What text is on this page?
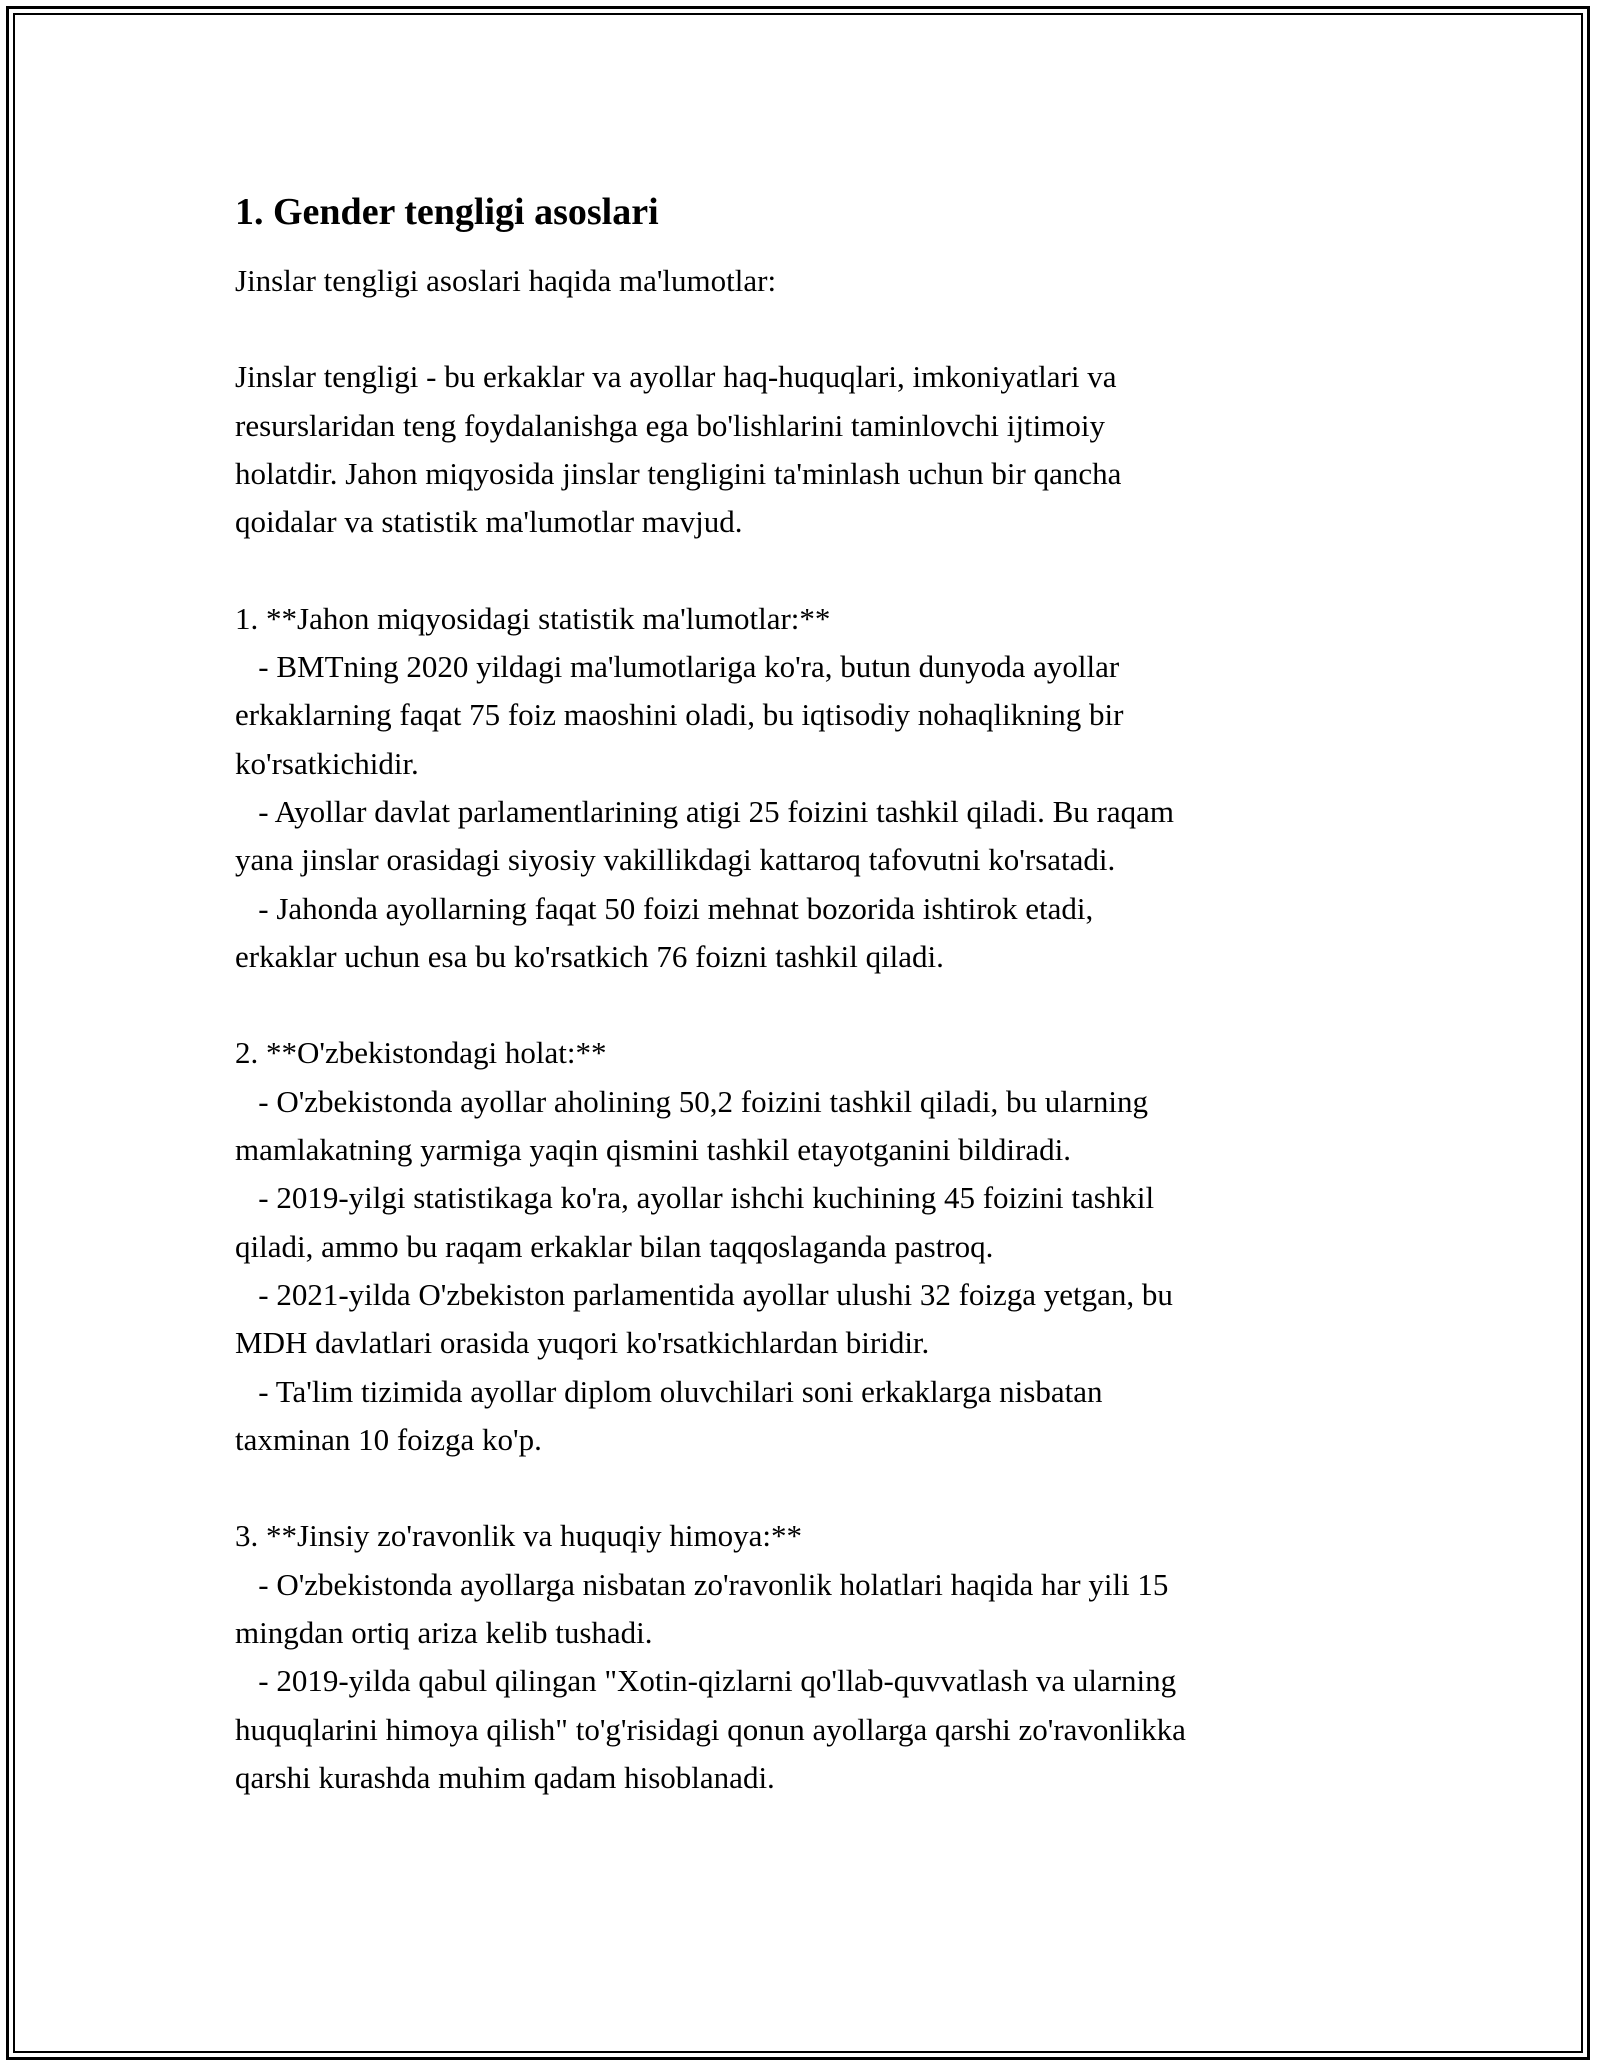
1. Gender tengligi asoslari

Jinslar tengligi asoslari haqida ma'lumotlar:

Jinslar tengligi - bu erkaklar va ayollar haq-huquqlari, imkoniyatlari va
resurslaridan teng foydalanishga ega bo'lishlarini taminlovchi ijtimoiy
holatdir. Jahon miqyosida jinslar tengligini ta'minlash uchun bir qancha
qoidalar va statistik ma'lumotlar mavjud.

1. **Jahon miqyosidagi statistik ma'lumotlar:**
- BMTning 2020 yildagi ma'lumotlariga ko'ra, butun dunyoda ayollar
erkaklarning faqat 75 foiz maoshini oladi, bu iqtisodiy nohaqlikning bir
ko'rsatkichidir.
- Ayollar davlat parlamentlarining atigi 25 foizini tashkil qiladi. Bu raqam
yana jinslar orasidagi siyosiy vakillikdagi kattaroq tafovutni ko'rsatadi.
- Jahonda ayollarning faqat 50 foizi mehnat bozorida ishtirok etadi,
erkaklar uchun esa bu ko'rsatkich 76 foizni tashkil qiladi.

2. **O'zbekistondagi holat:**
- O'zbekistonda ayollar aholining 50,2 foizini tashkil qiladi, bu ularning
mamlakatning yarmiga yaqin qismini tashkil etayotganini bildiradi.
- 2019-yilgi statistikaga ko'ra, ayollar ishchi kuchining 45 foizini tashkil
qiladi, ammo bu raqam erkaklar bilan taqqoslaganda pastroq.
- 2021-yilda O'zbekiston parlamentida ayollar ulushi 32 foizga yetgan, bu
MDH davlatlari orasida yuqori ko'rsatkichlardan biridir.
- Ta'lim tizimida ayollar diplom oluvchilari soni erkaklarga nisbatan
taxminan 10 foizga ko'p.

3. **Jinsiy zo'ravonlik va huquqiy himoya:**
- O'zbekistonda ayollarga nisbatan zo'ravonlik holatlari haqida har yili 15
mingdan ortiq ariza kelib tushadi.
- 2019-yilda qabul qilingan "Xotin-qizlarni qo'llab-quvvatlash va ularning
huquqlarini himoya qilish" to'g'risidagi qonun ayollarga qarshi zo'ravonlikka
qarshi kurashda muhim qadam hisoblanadi.
